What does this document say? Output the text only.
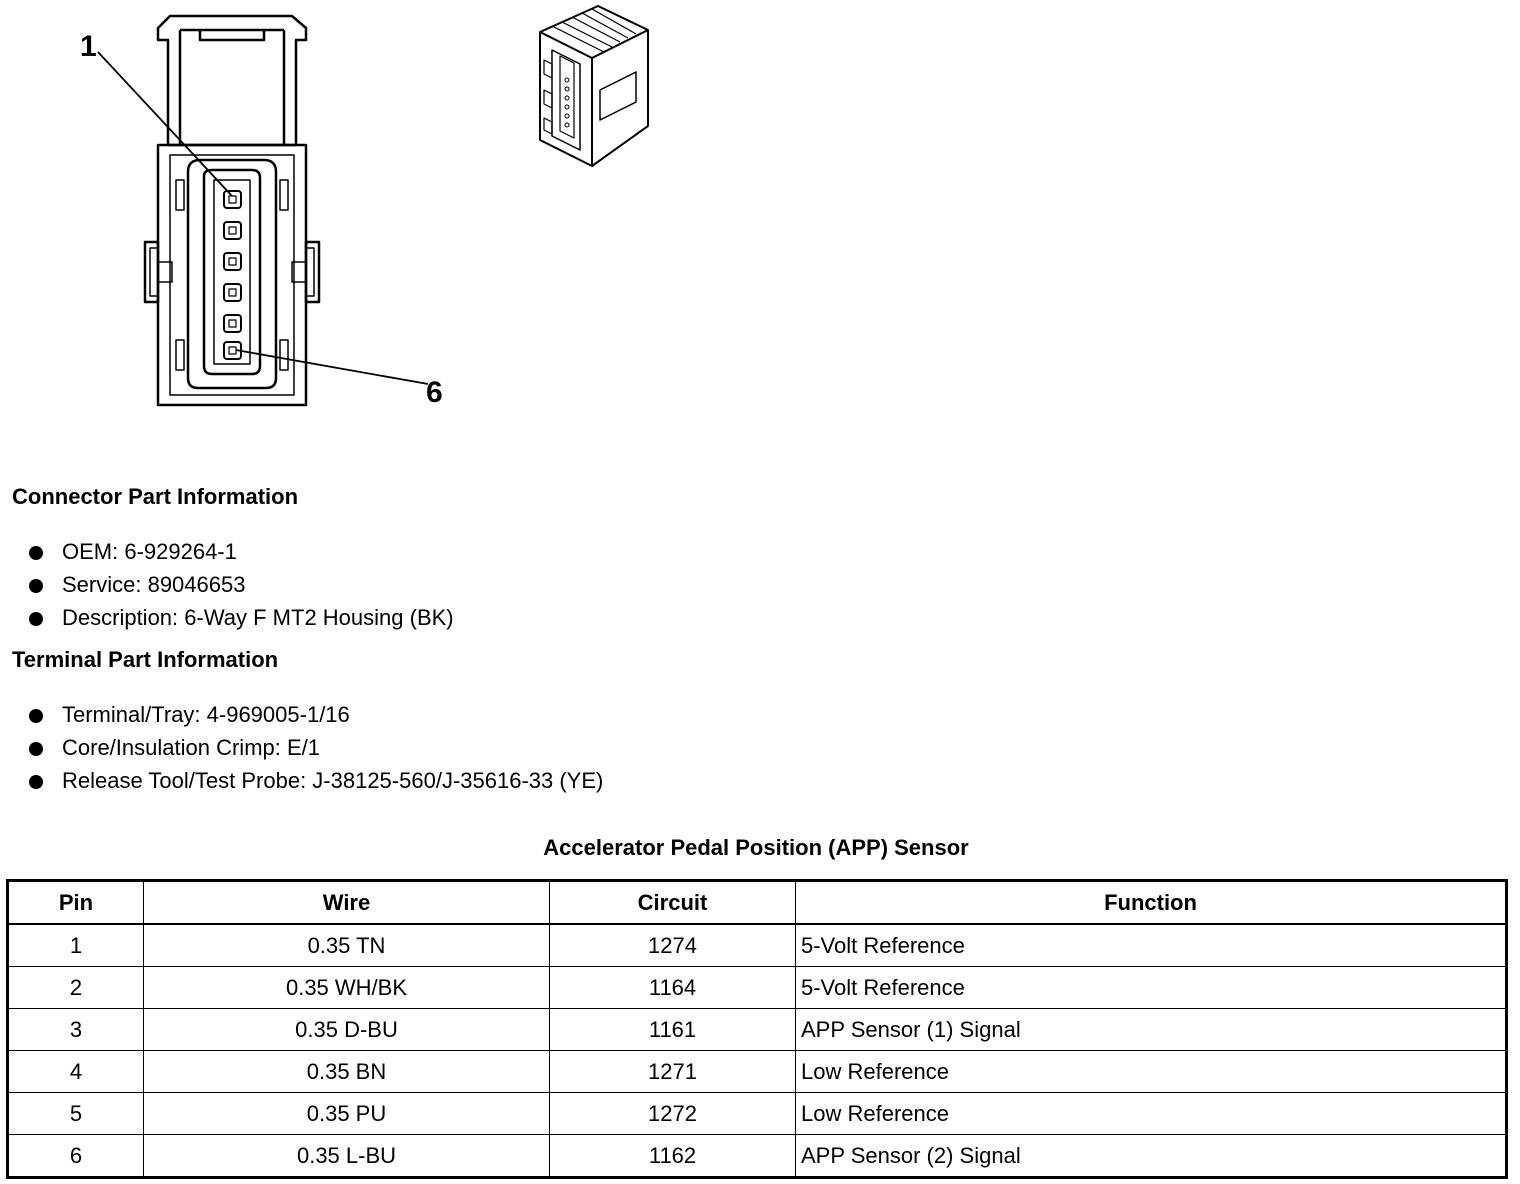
1
6
Connector Part Information
OEM: 6-929264-1
Service: 89046653
Description: 6-Way F MT2 Housing (BK)
Terminal Part Information
Terminal/Tray: 4-969005-1/16
Core/Insulation Crimp: E/1
Release Tool/Test Probe: J-38125-560/J-35616-33 (YE)
Accelerator Pedal Position (APP) Sensor
Pin	Wire	Circuit	Function
1	0.35 TN	1274	5-Volt Reference
2	0.35 WH/BK	1164	5-Volt Reference
3	0.35 D-BU	1161	APP Sensor (1) Signal
4	0.35 BN	1271	Low Reference
5	0.35 PU	1272	Low Reference
6	0.35 L-BU	1162	APP Sensor (2) Signal
